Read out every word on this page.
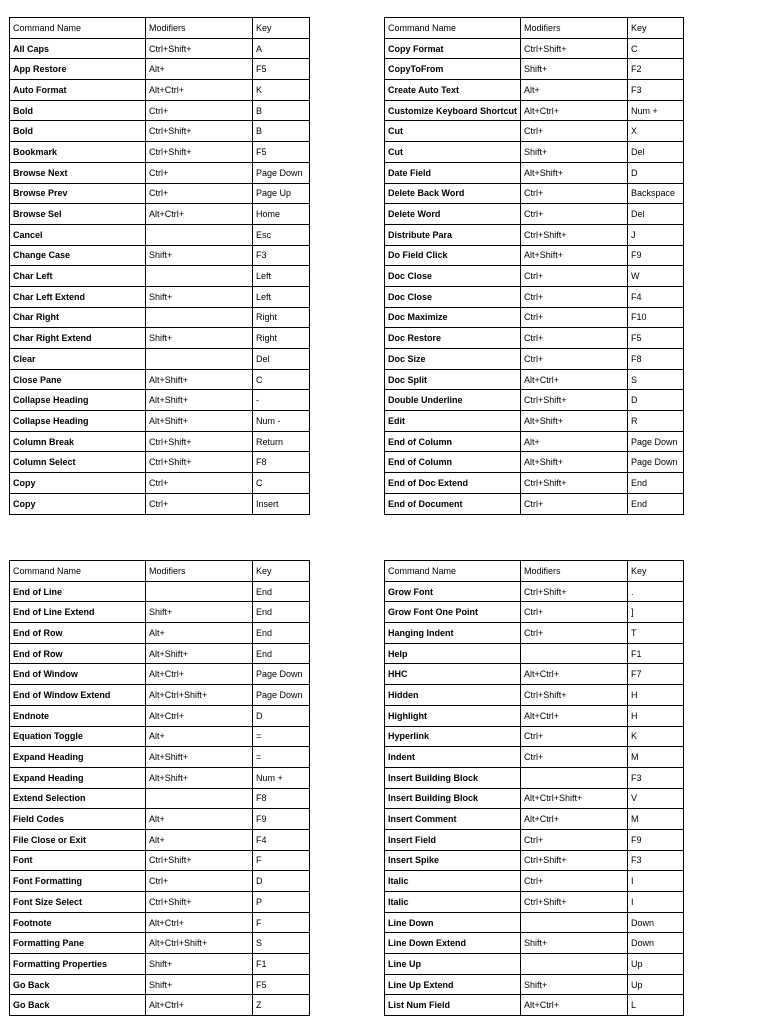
Command Name	Modifiers	Key
All Caps	Ctrl+Shift+	A
App Restore	Alt+	F5
Auto Format	Alt+Ctrl+	K
Bold	Ctrl+	B
Bold	Ctrl+Shift+	B
Bookmark	Ctrl+Shift+	F5
Browse Next	Ctrl+	Page Down
Browse Prev	Ctrl+	Page Up
Browse Sel	Alt+Ctrl+	Home
Cancel		Esc
Change Case	Shift+	F3
Char Left		Left
Char Left Extend	Shift+	Left
Char Right		Right
Char Right Extend	Shift+	Right
Clear		Del
Close Pane	Alt+Shift+	C
Collapse Heading	Alt+Shift+	-
Collapse Heading	Alt+Shift+	Num -
Column Break	Ctrl+Shift+	Return
Column Select	Ctrl+Shift+	F8
Copy	Ctrl+	C
Copy	Ctrl+	Insert
Command Name	Modifiers	Key
Copy Format	Ctrl+Shift+	C
CopyToFrom	Shift+	F2
Create Auto Text	Alt+	F3
Customize Keyboard Shortcut	Alt+Ctrl+	Num +
Cut	Ctrl+	X
Cut	Shift+	Del
Date Field	Alt+Shift+	D
Delete Back Word	Ctrl+	Backspace
Delete Word	Ctrl+	Del
Distribute Para	Ctrl+Shift+	J
Do Field Click	Alt+Shift+	F9
Doc Close	Ctrl+	W
Doc Close	Ctrl+	F4
Doc Maximize	Ctrl+	F10
Doc Restore	Ctrl+	F5
Doc Size	Ctrl+	F8
Doc Split	Alt+Ctrl+	S
Double Underline	Ctrl+Shift+	D
Edit	Alt+Shift+	R
End of Column	Alt+	Page Down
End of Column	Alt+Shift+	Page Down
End of Doc Extend	Ctrl+Shift+	End
End of Document	Ctrl+	End
Command Name	Modifiers	Key
End of Line		End
End of Line Extend	Shift+	End
End of Row	Alt+	End
End of Row	Alt+Shift+	End
End of Window	Alt+Ctrl+	Page Down
End of Window Extend	Alt+Ctrl+Shift+	Page Down
Endnote	Alt+Ctrl+	D
Equation Toggle	Alt+	=
Expand Heading	Alt+Shift+	=
Expand Heading	Alt+Shift+	Num +
Extend Selection		F8
Field Codes	Alt+	F9
File Close or Exit	Alt+	F4
Font	Ctrl+Shift+	F
Font Formatting	Ctrl+	D
Font Size Select	Ctrl+Shift+	P
Footnote	Alt+Ctrl+	F
Formatting Pane	Alt+Ctrl+Shift+	S
Formatting Properties	Shift+	F1
Go Back	Shift+	F5
Go Back	Alt+Ctrl+	Z
Command Name	Modifiers	Key
Grow Font	Ctrl+Shift+	.
Grow Font One Point	Ctrl+	]
Hanging Indent	Ctrl+	T
Help		F1
HHC	Alt+Ctrl+	F7
Hidden	Ctrl+Shift+	H
Highlight	Alt+Ctrl+	H
Hyperlink	Ctrl+	K
Indent	Ctrl+	M
Insert Building Block		F3
Insert Building Block	Alt+Ctrl+Shift+	V
Insert Comment	Alt+Ctrl+	M
Insert Field	Ctrl+	F9
Insert Spike	Ctrl+Shift+	F3
Italic	Ctrl+	I
Italic	Ctrl+Shift+	I
Line Down		Down
Line Down Extend	Shift+	Down
Line Up		Up
Line Up Extend	Shift+	Up
List Num Field	Alt+Ctrl+	L
